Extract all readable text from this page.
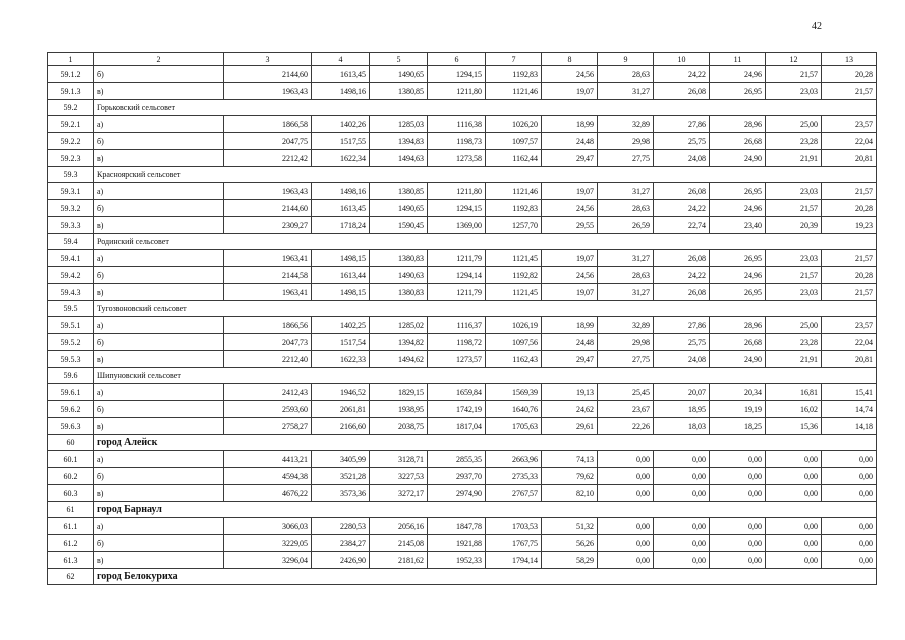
42
1	2	3	4	5	6	7	8	9	10	11	12	13
59.1.2	б)	2144,60	1613,45	1490,65	1294,15	1192,83	24,56	28,63	24,22	24,96	21,57	20,28
59.1.3	в)	1963,43	1498,16	1380,85	1211,80	1121,46	19,07	31,27	26,08	26,95	23,03	21,57
59.2	Горьковский сельсовет											
59.2.1	а)	1866,58	1402,26	1285,03	1116,38	1026,20	18,99	32,89	27,86	28,96	25,00	23,57
59.2.2	б)	2047,75	1517,55	1394,83	1198,73	1097,57	24,48	29,98	25,75	26,68	23,28	22,04
59.2.3	в)	2212,42	1622,34	1494,63	1273,58	1162,44	29,47	27,75	24,08	24,90	21,91	20,81
59.3	Красноярский сельсовет											
59.3.1	а)	1963,43	1498,16	1380,85	1211,80	1121,46	19,07	31,27	26,08	26,95	23,03	21,57
59.3.2	б)	2144,60	1613,45	1490,65	1294,15	1192,83	24,56	28,63	24,22	24,96	21,57	20,28
59.3.3	в)	2309,27	1718,24	1590,45	1369,00	1257,70	29,55	26,59	22,74	23,40	20,39	19,23
59.4	Родинский сельсовет											
59.4.1	а)	1963,41	1498,15	1380,83	1211,79	1121,45	19,07	31,27	26,08	26,95	23,03	21,57
59.4.2	б)	2144,58	1613,44	1490,63	1294,14	1192,82	24,56	28,63	24,22	24,96	21,57	20,28
59.4.3	в)	1963,41	1498,15	1380,83	1211,79	1121,45	19,07	31,27	26,08	26,95	23,03	21,57
59.5	Тугозвоновский сельсовет											
59.5.1	а)	1866,56	1402,25	1285,02	1116,37	1026,19	18,99	32,89	27,86	28,96	25,00	23,57
59.5.2	б)	2047,73	1517,54	1394,82	1198,72	1097,56	24,48	29,98	25,75	26,68	23,28	22,04
59.5.3	в)	2212,40	1622,33	1494,62	1273,57	1162,43	29,47	27,75	24,08	24,90	21,91	20,81
59.6	Шипуновский сельсовет											
59.6.1	а)	2412,43	1946,52	1829,15	1659,84	1569,39	19,13	25,45	20,07	20,34	16,81	15,41
59.6.2	б)	2593,60	2061,81	1938,95	1742,19	1640,76	24,62	23,67	18,95	19,19	16,02	14,74
59.6.3	в)	2758,27	2166,60	2038,75	1817,04	1705,63	29,61	22,26	18,03	18,25	15,36	14,18
60	город Алейск											
60.1	а)	4413,21	3405,99	3128,71	2855,35	2663,96	74,13	0,00	0,00	0,00	0,00	0,00
60.2	б)	4594,38	3521,28	3227,53	2937,70	2735,33	79,62	0,00	0,00	0,00	0,00	0,00
60.3	в)	4676,22	3573,36	3272,17	2974,90	2767,57	82,10	0,00	0,00	0,00	0,00	0,00
61	город Барнаул											
61.1	а)	3066,03	2280,53	2056,16	1847,78	1703,53	51,32	0,00	0,00	0,00	0,00	0,00
61.2	б)	3229,05	2384,27	2145,08	1921,88	1767,75	56,26	0,00	0,00	0,00	0,00	0,00
61.3	в)	3296,04	2426,90	2181,62	1952,33	1794,14	58,29	0,00	0,00	0,00	0,00	0,00
62	город Белокуриха											
